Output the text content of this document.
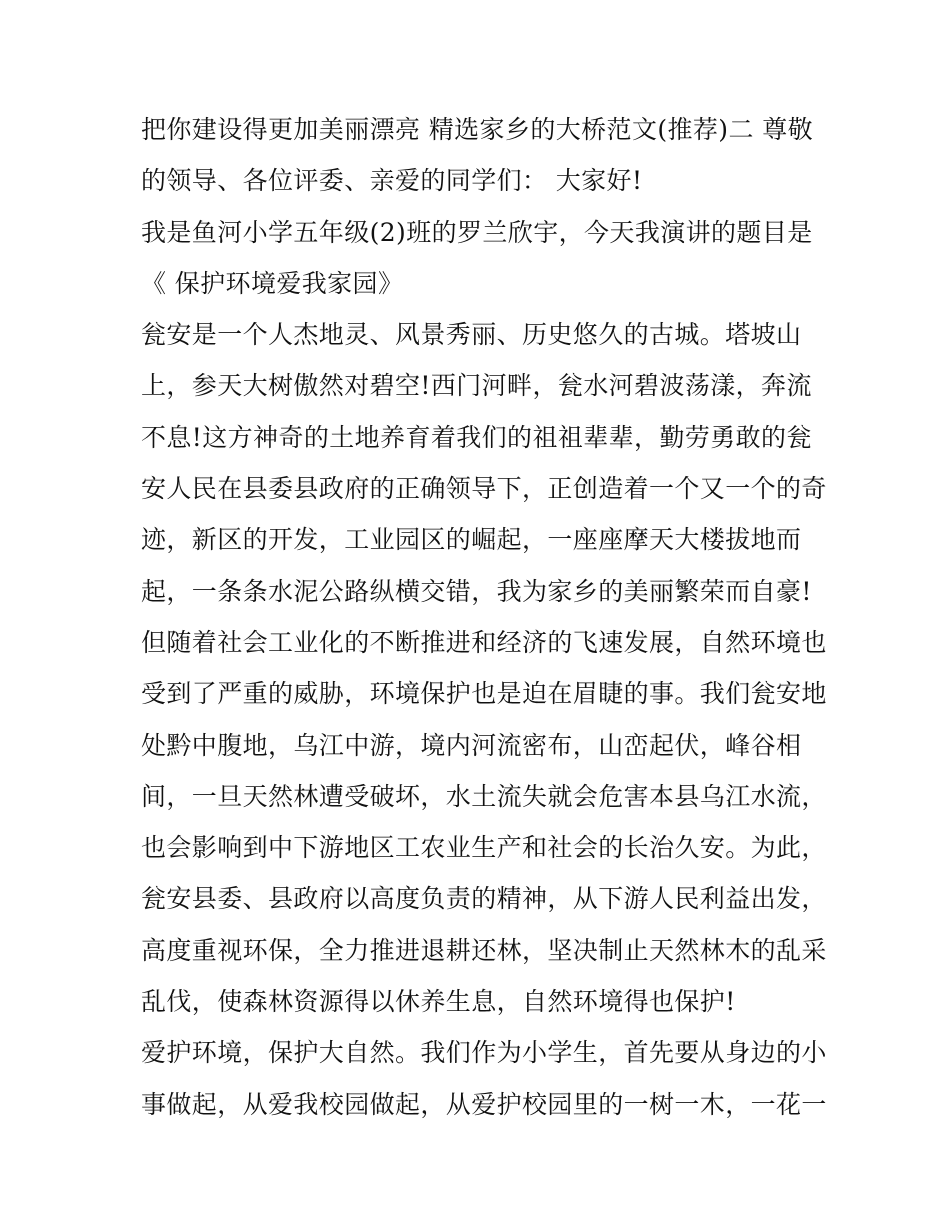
把你建设得更加美丽漂亮 精选家乡的大桥范文(推荐)二 尊敬
的领导、各位评委、亲爱的同学们： 大家好!
我是鱼河小学五年级(2)班的罗兰欣宇，今天我演讲的题目是
《 保护环境爱我家园》
瓮安是一个人杰地灵、风景秀丽、历史悠久的古城。塔坡山
上，参天大树傲然对碧空!西门河畔，瓮水河碧波荡漾，奔流
不息!这方神奇的土地养育着我们的祖祖辈辈，勤劳勇敢的瓮
安人民在县委县政府的正确领导下，正创造着一个又一个的奇
迹，新区的开发，工业园区的崛起，一座座摩天大楼拔地而
起，一条条水泥公路纵横交错，我为家乡的美丽繁荣而自豪!
但随着社会工业化的不断推进和经济的飞速发展，自然环境也
受到了严重的威胁，环境保护也是迫在眉睫的事。我们瓮安地
处黔中腹地，乌江中游，境内河流密布，山峦起伏，峰谷相
间，一旦天然林遭受破坏，水土流失就会危害本县乌江水流，
也会影响到中下游地区工农业生产和社会的长治久安。为此，
瓮安县委、县政府以高度负责的精神，从下游人民利益出发，
高度重视环保，全力推进退耕还林，坚决制止天然林木的乱采
乱伐，使森林资源得以休养生息，自然环境得也保护!
爱护环境，保护大自然。我们作为小学生，首先要从身边的小
事做起，从爱我校园做起，从爱护校园里的一树一木，一花一
